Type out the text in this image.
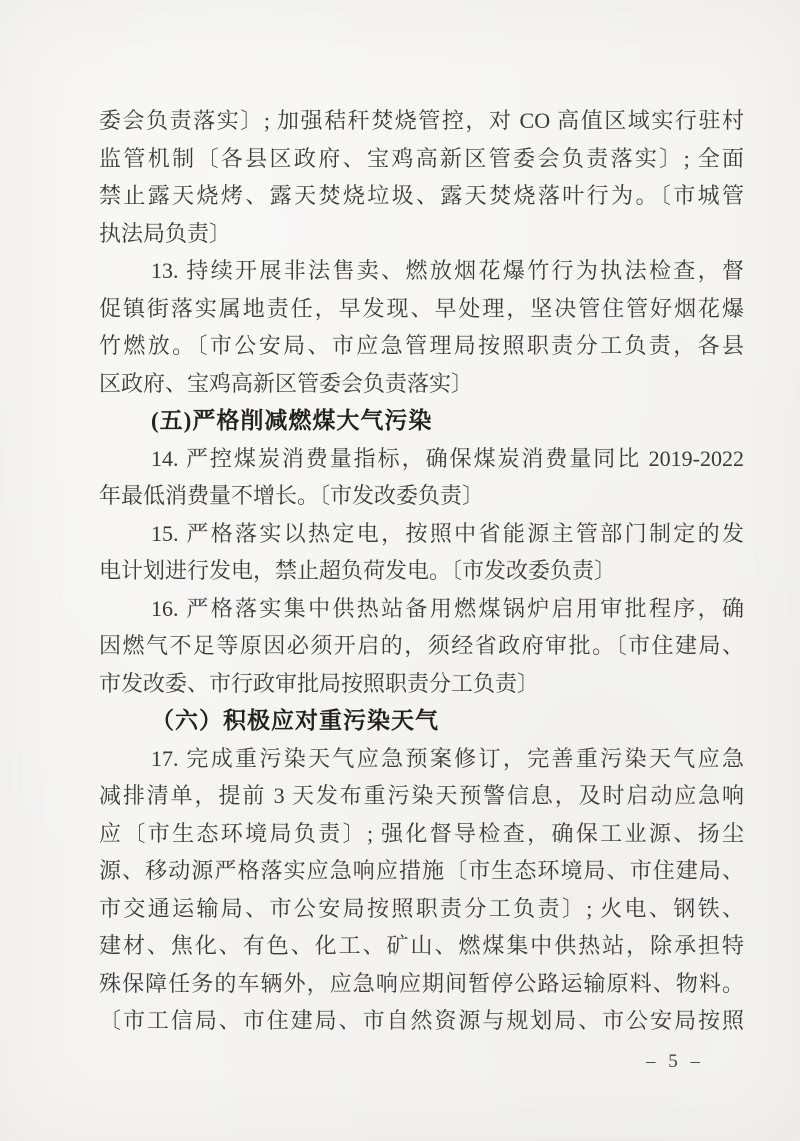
委会负责落实〕; 加强秸秆焚烧管控，对 CO 高值区域实行驻村
监管机制〔各县区政府、宝鸡高新区管委会负责落实〕; 全面
禁止露天烧烤、露天焚烧垃圾、露天焚烧落叶行为。〔市城管
执法局负责〕
13. 持续开展非法售卖、燃放烟花爆竹行为执法检查，督
促镇街落实属地责任，早发现、早处理，坚决管住管好烟花爆
竹燃放。〔市公安局、市应急管理局按照职责分工负责，各县
区政府、宝鸡高新区管委会负责落实〕
(五)严格削减燃煤大气污染
14. 严控煤炭消费量指标，确保煤炭消费量同比 2019-2022
年最低消费量不增长。〔市发改委负责〕
15. 严格落实以热定电，按照中省能源主管部门制定的发
电计划进行发电，禁止超负荷发电。〔市发改委负责〕
16. 严格落实集中供热站备用燃煤锅炉启用审批程序，确
因燃气不足等原因必须开启的，须经省政府审批。〔市住建局、
市发改委、市行政审批局按照职责分工负责〕
（六）积极应对重污染天气
17. 完成重污染天气应急预案修订，完善重污染天气应急
减排清单，提前 3 天发布重污染天预警信息，及时启动应急响
应〔市生态环境局负责〕; 强化督导检查，确保工业源、扬尘
源、移动源严格落实应急响应措施〔市生态环境局、市住建局、
市交通运输局、市公安局按照职责分工负责〕; 火电、钢铁、
建材、焦化、有色、化工、矿山、燃煤集中供热站，除承担特
殊保障任务的车辆外，应急响应期间暂停公路运输原料、物料。
〔市工信局、市住建局、市自然资源与规划局、市公安局按照
– 5 –
